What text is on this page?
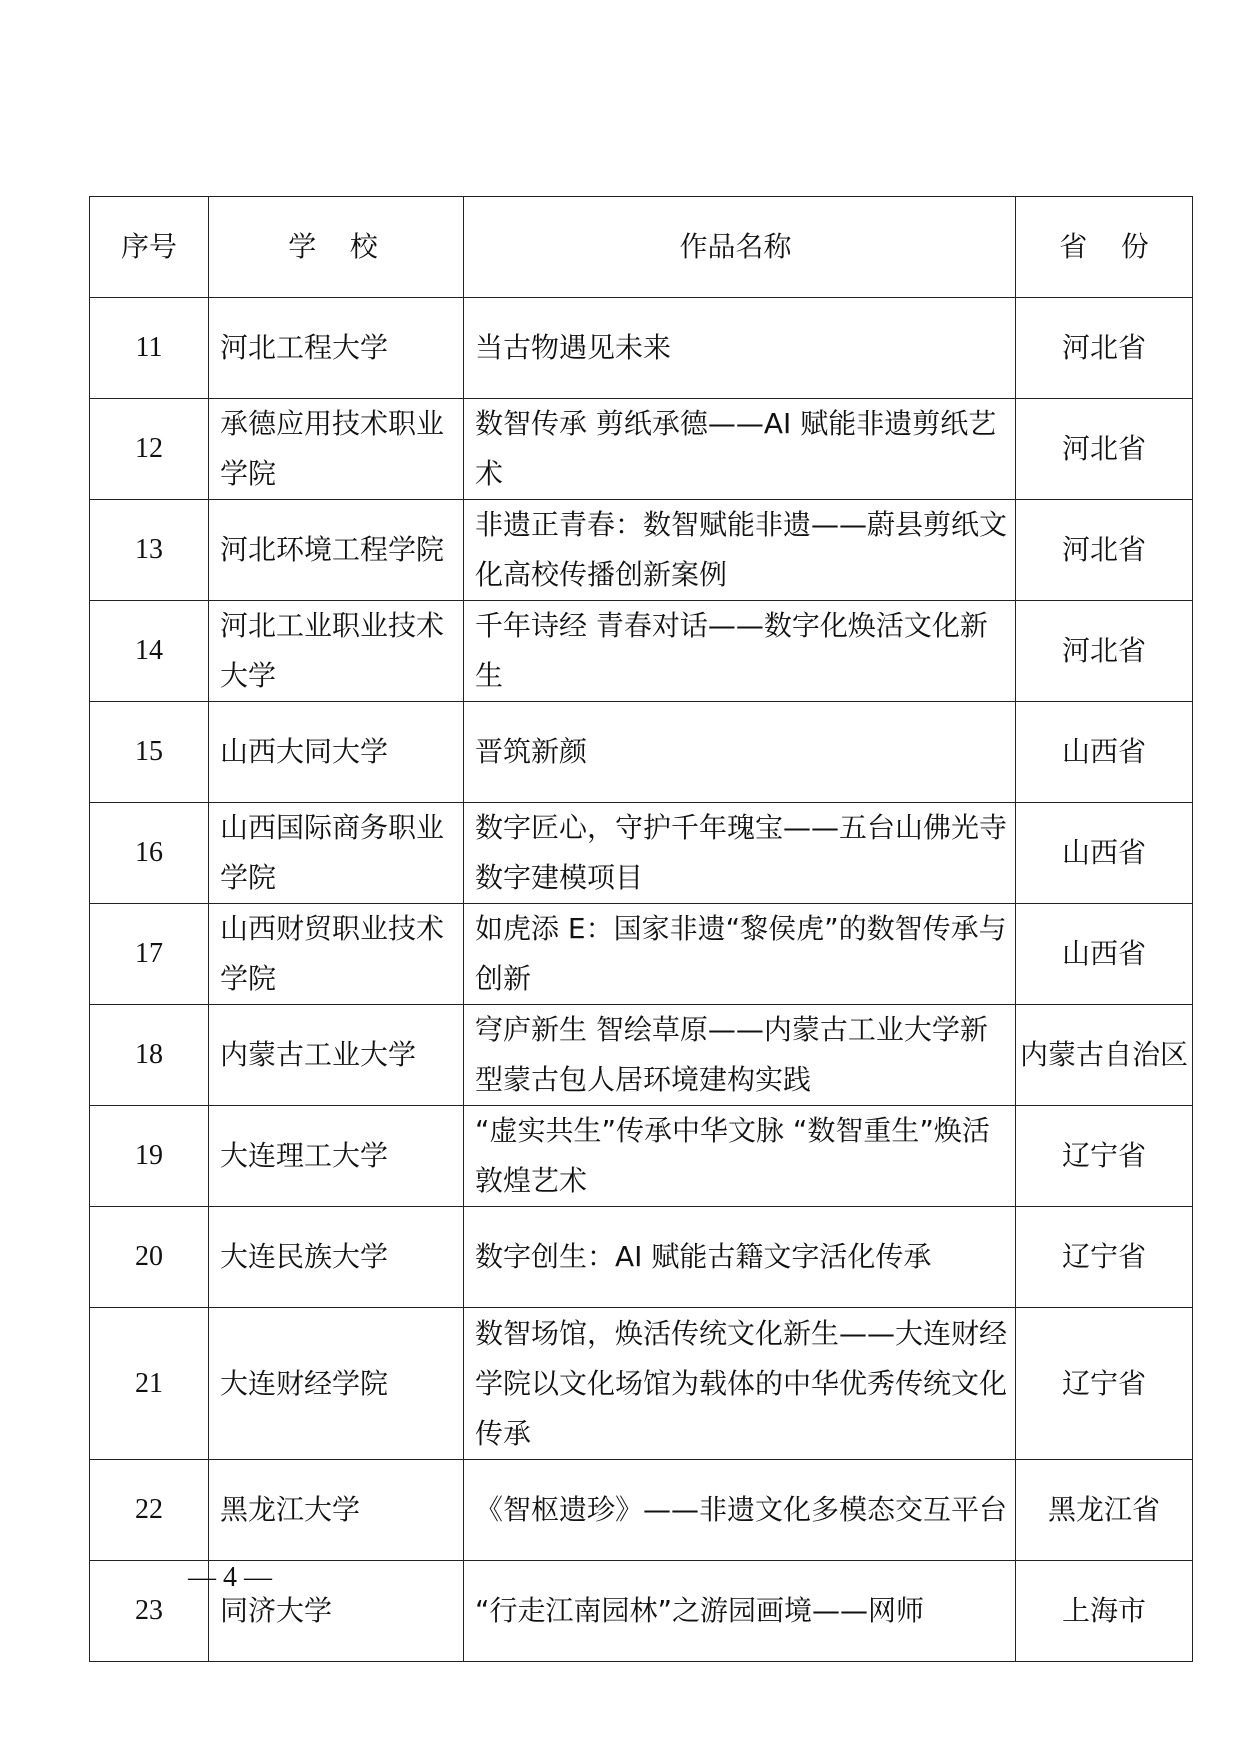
序号	学校	作品名称	省份
11	河北工程大学	当古物遇见未来	河北省
12	承德应用技术职业学院	数智传承 剪纸承德——AI 赋能非遗剪纸艺术	河北省
13	河北环境工程学院	非遗正青春：数智赋能非遗——蔚县剪纸文化高校传播创新案例	河北省
14	河北工业职业技术大学	千年诗经 青春对话——数字化焕活文化新生	河北省
15	山西大同大学	晋筑新颜	山西省
16	山西国际商务职业学院	数字匠心，守护千年瑰宝——五台山佛光寺数字建模项目	山西省
17	山西财贸职业技术学院	如虎添 E：国家非遗“黎侯虎”的数智传承与创新	山西省
18	内蒙古工业大学	穹庐新生 智绘草原——内蒙古工业大学新型蒙古包人居环境建构实践	内蒙古自治区
19	大连理工大学	“虚实共生”传承中华文脉 “数智重生”焕活敦煌艺术	辽宁省
20	大连民族大学	数字创生：AI 赋能古籍文字活化传承	辽宁省
21	大连财经学院	数智场馆，焕活传统文化新生——大连财经学院以文化场馆为载体的中华优秀传统文化传承	辽宁省
22	黑龙江大学	《智枢遗珍》——非遗文化多模态交互平台	黑龙江省
23	同济大学	“行走江南园林”之游园画境——网师	上海市
— 4 —
